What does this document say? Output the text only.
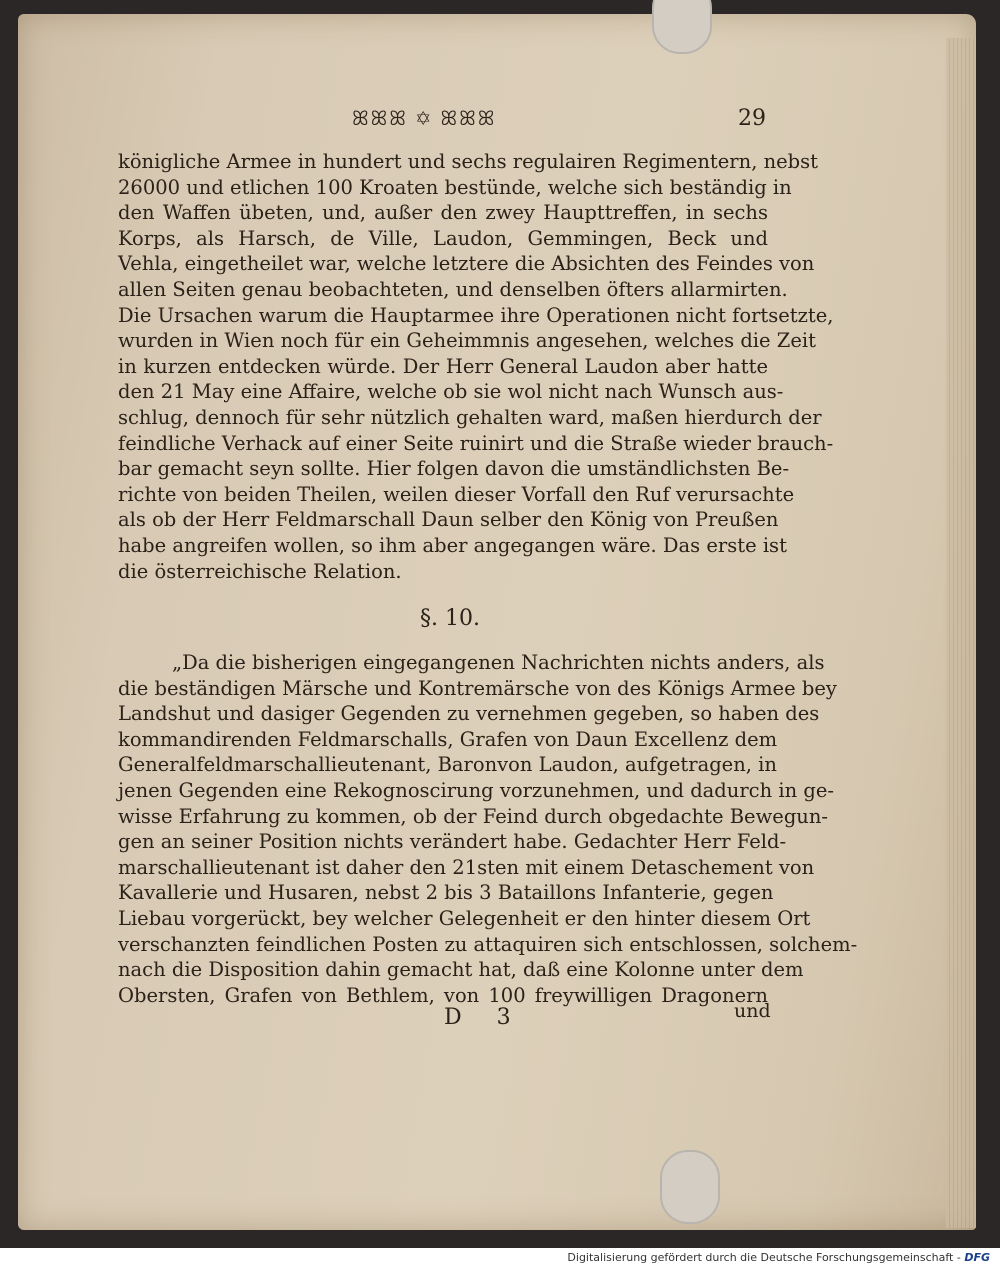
ꕤꕤꕤ ✡ ꕤꕤꕤ	29
königliche Armee in hundert und sechs regulairen Regimentern, nebst
26000 und etlichen 100 Kroaten bestünde, welche sich beständig in
den Waffen übeten, und, außer den zwey Haupttreffen, in sechs
Korps, als Harsch, de Ville, Laudon, Gemmingen, Beck und
Vehla, eingetheilet war, welche letztere die Absichten des Feindes von
allen Seiten genau beobachteten, und denselben öfters allarmirten.
Die Ursachen warum die Hauptarmee ihre Operationen nicht fortsetzte,
wurden in Wien noch für ein Geheimmnis angesehen, welches die Zeit
in kurzen entdecken würde. Der Herr General Laudon aber hatte
den 21 May eine Affaire, welche ob sie wol nicht nach Wunsch aus-
schlug, dennoch für sehr nützlich gehalten ward, maßen hierdurch der
feindliche Verhack auf einer Seite ruinirt und die Straße wieder brauch-
bar gemacht seyn sollte. Hier folgen davon die umständlichsten Be-
richte von beiden Theilen, weilen dieser Vorfall den Ruf verursachte
als ob der Herr Feldmarschall Daun selber den König von Preußen
habe angreifen wollen, so ihm aber angegangen wäre. Das erste ist
die österreichische Relation.
§. 10.
„Da die bisherigen eingegangenen Nachrichten nichts anders, als
die beständigen Märsche und Kontremärsche von des Königs Armee bey
Landshut und dasiger Gegenden zu vernehmen gegeben, so haben des
kommandirenden Feldmarschalls, Grafen von Daun Excellenz dem
Generalfeldmarschallieutenant, Baronvon Laudon, aufgetragen, in
jenen Gegenden eine Rekognoscirung vorzunehmen, und dadurch in ge-
wisse Erfahrung zu kommen, ob der Feind durch obgedachte Bewegun-
gen an seiner Position nichts verändert habe. Gedachter Herr Feld-
marschallieutenant ist daher den 21sten mit einem Detaschement von
Kavallerie und Husaren, nebst 2 bis 3 Bataillons Infanterie, gegen
Liebau vorgerückt, bey welcher Gelegenheit er den hinter diesem Ort
verschanzten feindlichen Posten zu attaquiren sich entschlossen, solchem-
nach die Disposition dahin gemacht hat, daß eine Kolonne unter dem
Obersten, Grafen von Bethlem, von 100 freywilligen Dragonern
D 3	und
Digitalisierung gefördert durch die Deutsche Forschungsgemeinschaft - DFG
